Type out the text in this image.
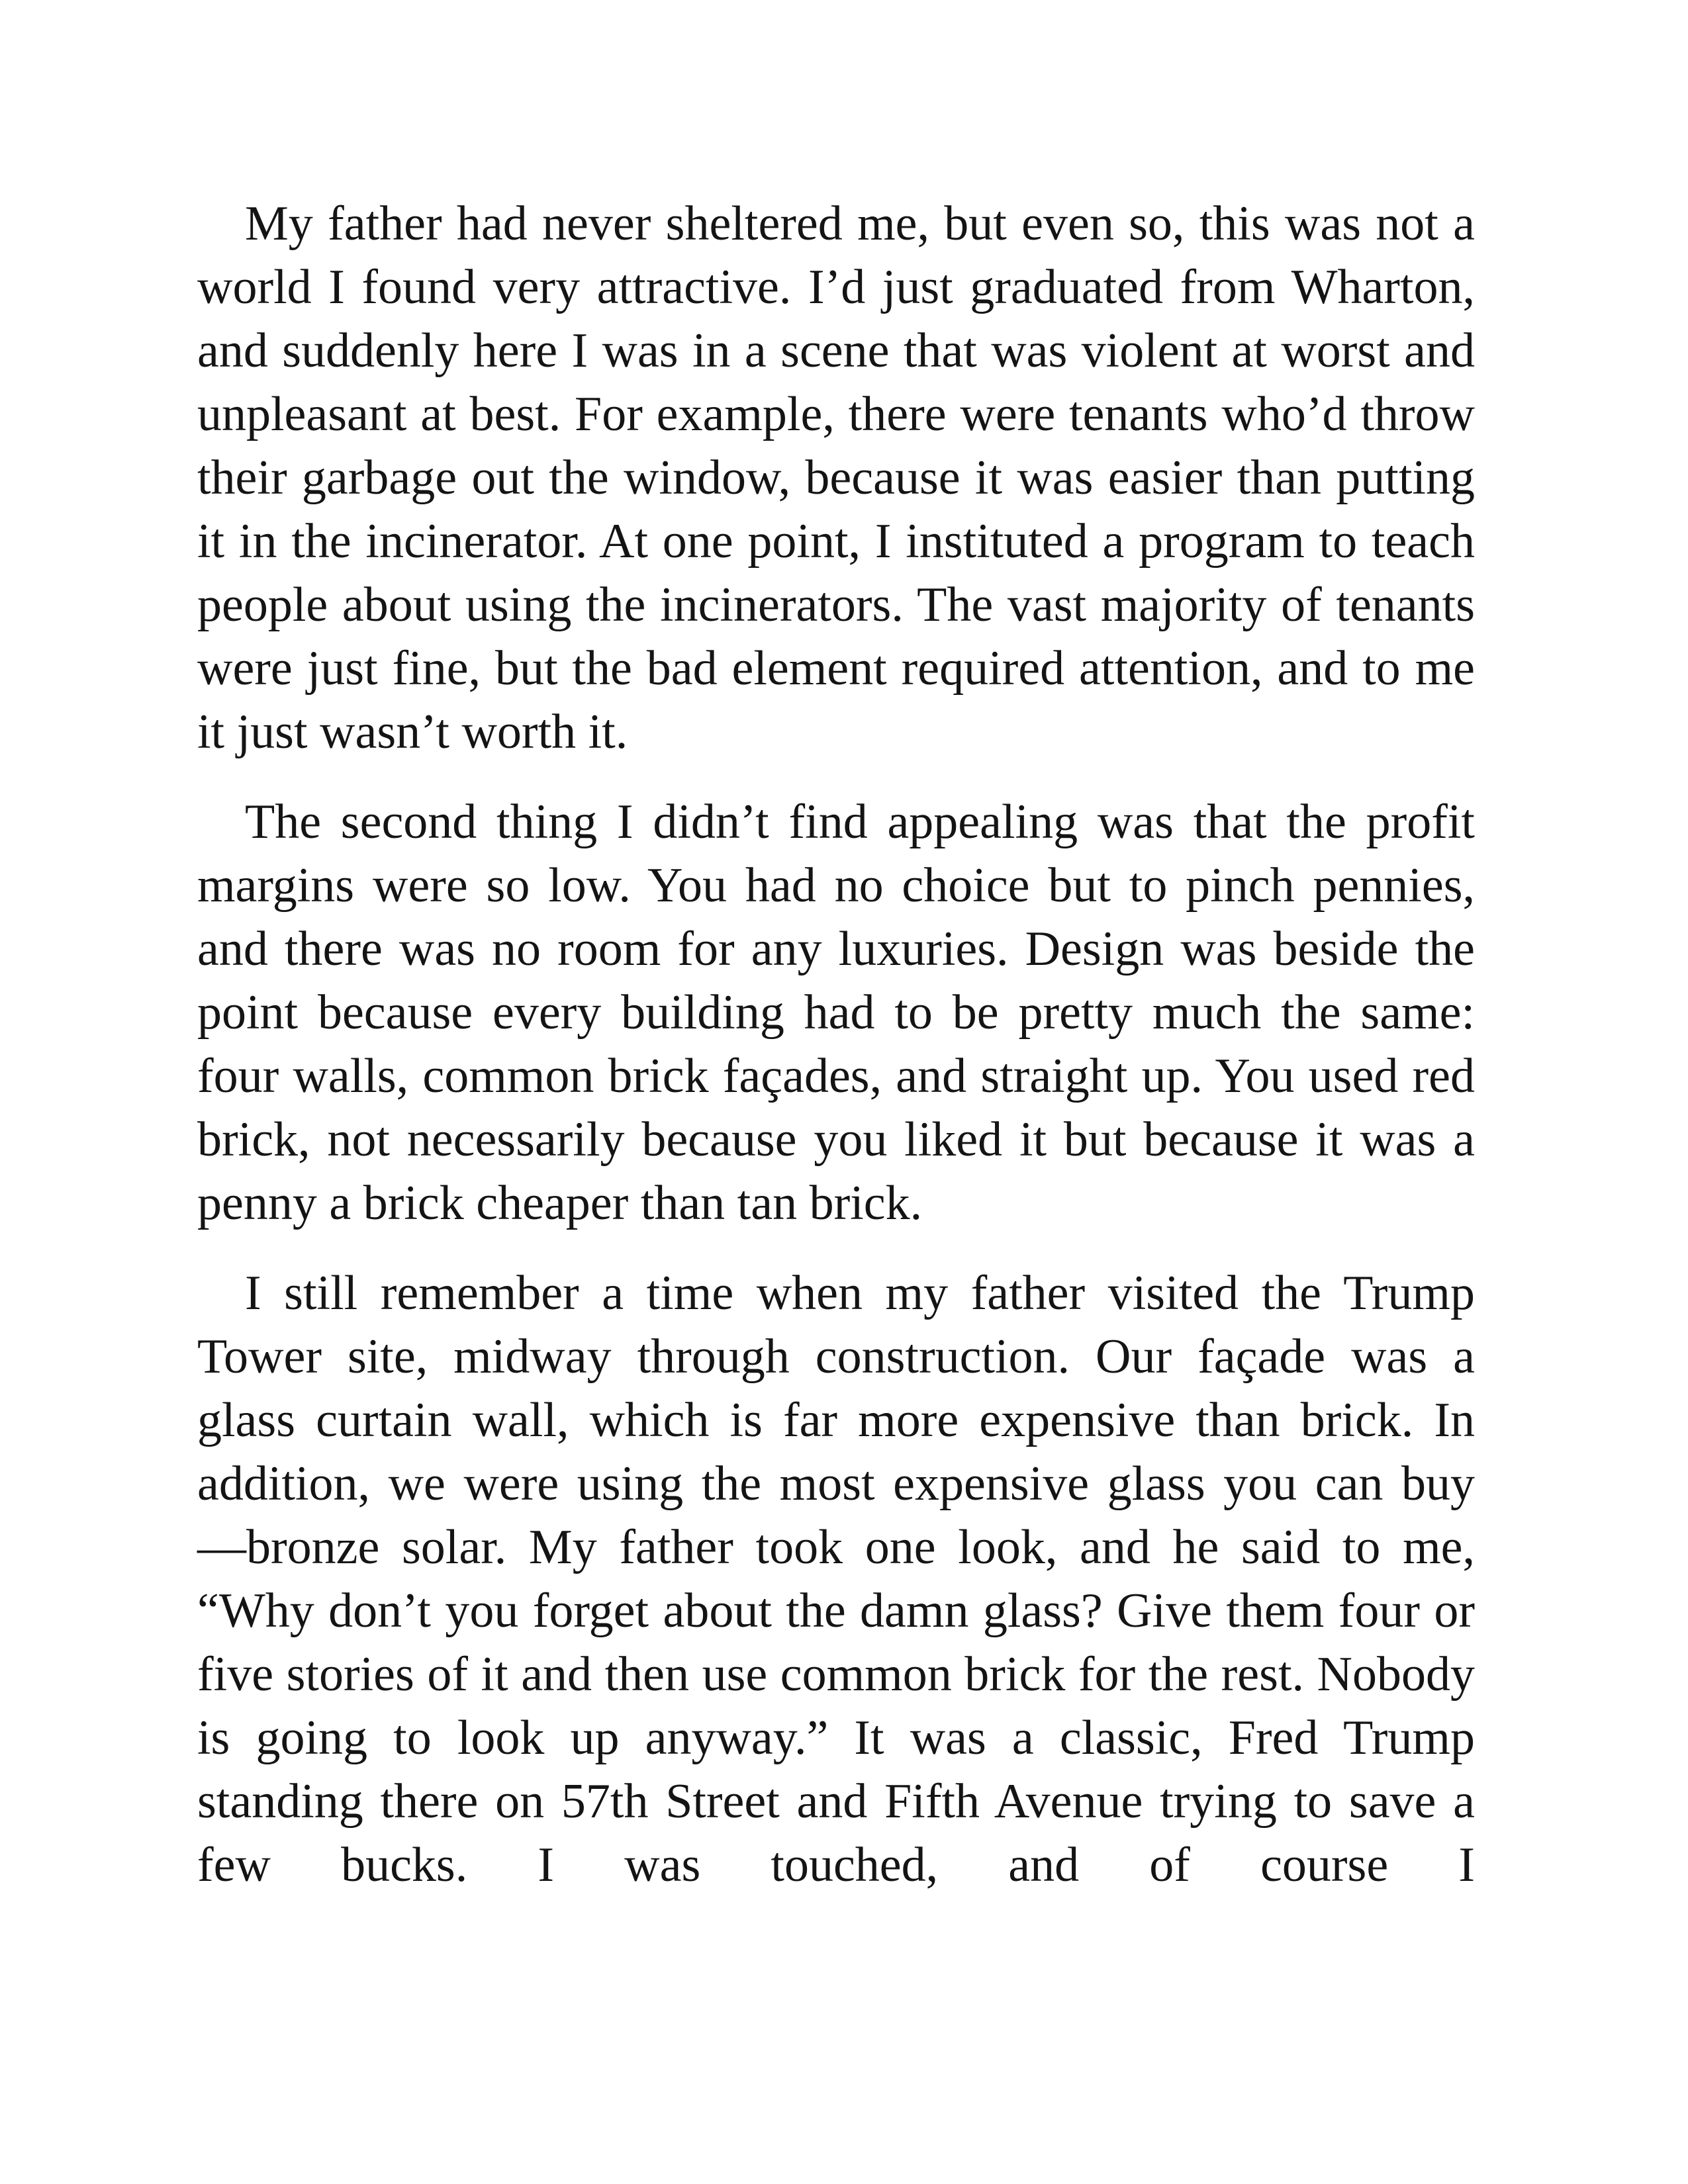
My father had never sheltered me, but even so, this was not a world I found very attractive. I’d just graduated from Wharton, and suddenly here I was in a scene that was violent at worst and unpleasant at best. For example, there were tenants who’d throw their garbage out the window, because it was easier than putting it in the incinerator. At one point, I instituted a program to teach people about using the incinerators. The vast majority of tenants were just fine, but the bad element required attention, and to me it just wasn’t worth it.

The second thing I didn’t find appealing was that the profit margins were so low. You had no choice but to pinch pennies, and there was no room for any luxuries. Design was beside the point because every building had to be pretty much the same: four walls, common brick façades, and straight up. You used red brick, not necessarily because you liked it but because it was a penny a brick cheaper than tan brick.

I still remember a time when my father visited the Trump Tower site, midway through construction. Our façade was a glass curtain wall, which is far more expensive than brick. In addition, we were using the most expensive glass you can buy —bronze solar. My father took one look, and he said to me, “Why don’t you forget about the damn glass? Give them four or five stories of it and then use common brick for the rest. Nobody is going to look up anyway.” It was a classic, Fred Trump standing there on 57th Street and Fifth Avenue trying to save a few bucks. I was touched, and of course I
